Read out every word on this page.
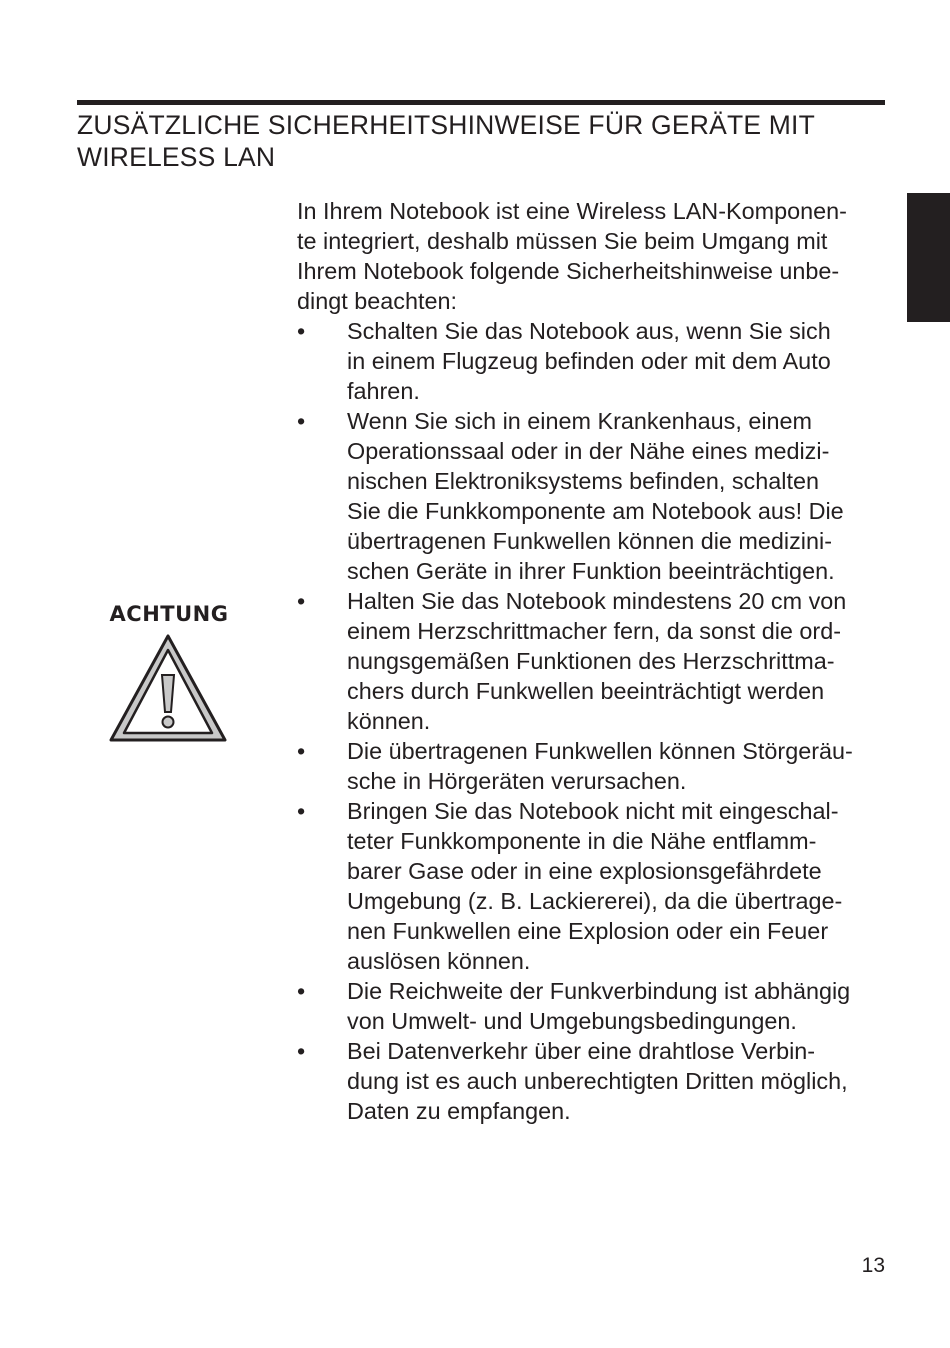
ZUSÄTZLICHE SICHERHEITSHINWEISE FÜR GERÄTE MIT
WIRELESS LAN
ACHTUNG

In Ihrem Notebook ist eine Wireless LAN-Komponen-
te integriert, deshalb müssen Sie beim Umgang mit
Ihrem Notebook folgende Sicherheitshinweise unbe-
dingt beachten:

• Schalten Sie das Notebook aus, wenn Sie sich
in einem Flugzeug befinden oder mit dem Auto
fahren.
• Wenn Sie sich in einem Krankenhaus, einem
Operationssaal oder in der Nähe eines medizi-
nischen Elektroniksystems befinden, schalten
Sie die Funkkomponente am Notebook aus! Die
übertragenen Funkwellen können die medizini-
schen Geräte in ihrer Funktion beeinträchtigen.
• Halten Sie das Notebook mindestens 20 cm von
einem Herzschrittmacher fern, da sonst die ord-
nungsgemäßen Funktionen des Herzschrittma-
chers durch Funkwellen beeinträchtigt werden
können.
• Die übertragenen Funkwellen können Störgeräu-
sche in Hörgeräten verursachen.
• Bringen Sie das Notebook nicht mit eingeschal-
teter Funkkomponente in die Nähe entflamm-
barer Gase oder in eine explosionsgefährdete
Umgebung (z. B. Lackiererei), da die übertrage-
nen Funkwellen eine Explosion oder ein Feuer
auslösen können.
• Die Reichweite der Funkverbindung ist abhängig
von Umwelt- und Umgebungsbedingungen.
• Bei Datenverkehr über eine drahtlose Verbin-
dung ist es auch unberechtigten Dritten möglich,
Daten zu empfangen.
13
